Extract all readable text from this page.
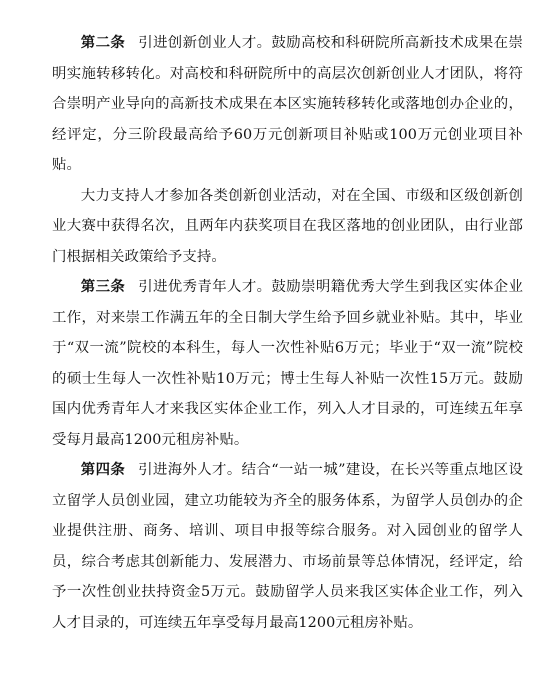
第二条 引进创新创业人才。鼓励高校和科研院所高新技术成果在崇明实施转移转化。对高校和科研院所中的高层次创新创业人才团队，将符合崇明产业导向的高新技术成果在本区实施转移转化或落地创办企业的，经评定，分三阶段最高给予60万元创新项目补贴或100万元创业项目补贴。

大力支持人才参加各类创新创业活动，对在全国、市级和区级创新创业大赛中获得名次，且两年内获奖项目在我区落地的创业团队，由行业部门根据相关政策给予支持。

第三条 引进优秀青年人才。鼓励崇明籍优秀大学生到我区实体企业工作，对来崇工作满五年的全日制大学生给予回乡就业补贴。其中，毕业于“双一流”院校的本科生，每人一次性补贴6万元；毕业于“双一流”院校的硕士生每人一次性补贴10万元；博士生每人补贴一次性15万元。鼓励国内优秀青年人才来我区实体企业工作，列入人才目录的，可连续五年享受每月最高1200元租房补贴。

第四条 引进海外人才。结合“一站一城”建设，在长兴等重点地区设立留学人员创业园，建立功能较为齐全的服务体系，为留学人员创办的企业提供注册、商务、培训、项目申报等综合服务。对入园创业的留学人员，综合考虑其创新能力、发展潜力、市场前景等总体情况，经评定，给予一次性创业扶持资金5万元。鼓励留学人员来我区实体企业工作，列入人才目录的，可连续五年享受每月最高1200元租房补贴。
